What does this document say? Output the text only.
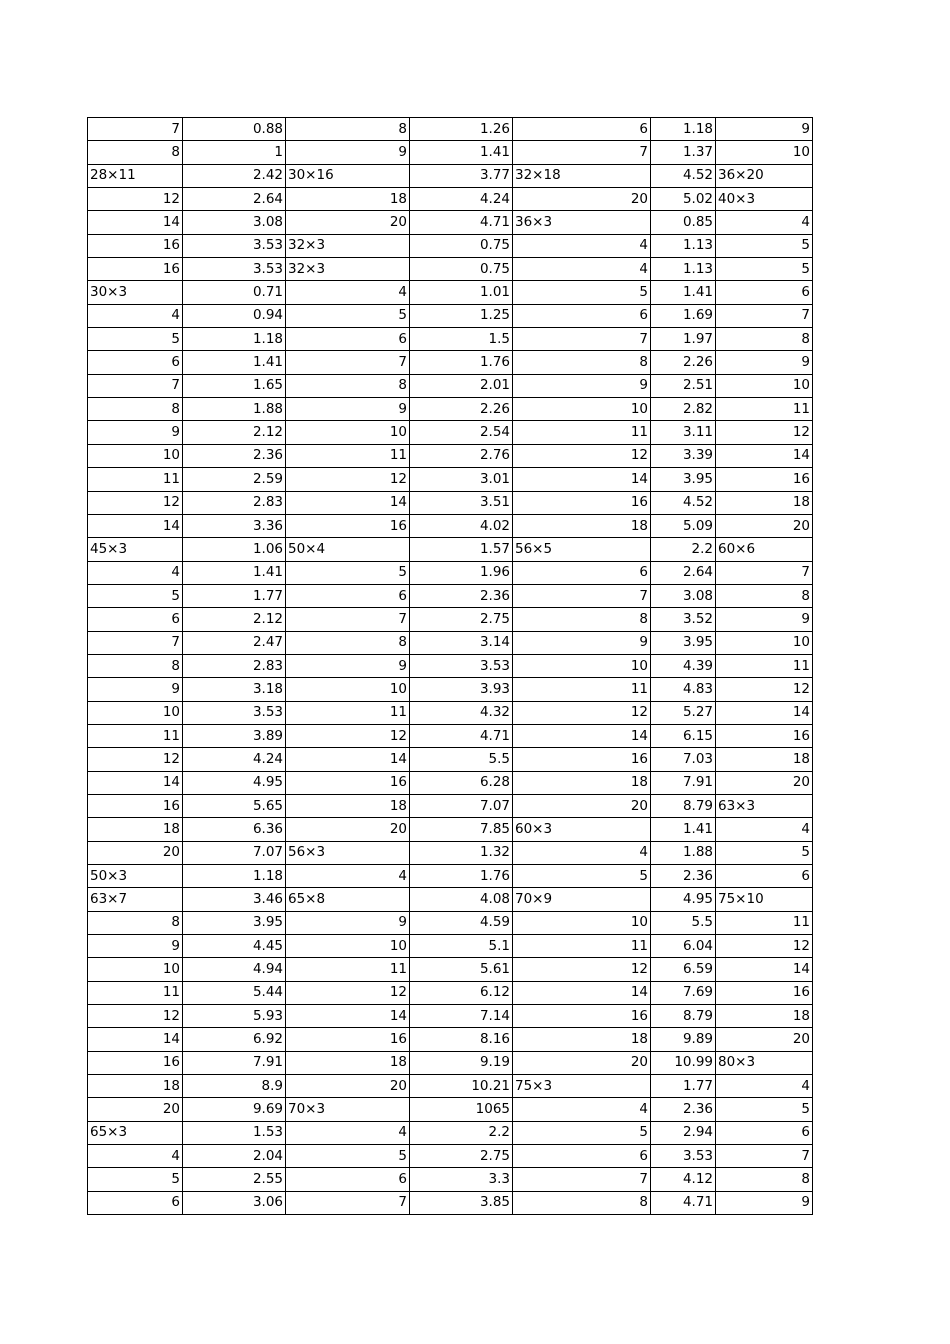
7	0.88	8	1.26	6	1.18	9
8	1	9	1.41	7	1.37	10
28×11	2.42	30×16	3.77	32×18	4.52	36×20
12	2.64	18	4.24	20	5.02	40×3
14	3.08	20	4.71	36×3	0.85	4
16	3.53	32×3	0.75	4	1.13	5
16	3.53	32×3	0.75	4	1.13	5
30×3	0.71	4	1.01	5	1.41	6
4	0.94	5	1.25	6	1.69	7
5	1.18	6	1.5	7	1.97	8
6	1.41	7	1.76	8	2.26	9
7	1.65	8	2.01	9	2.51	10
8	1.88	9	2.26	10	2.82	11
9	2.12	10	2.54	11	3.11	12
10	2.36	11	2.76	12	3.39	14
11	2.59	12	3.01	14	3.95	16
12	2.83	14	3.51	16	4.52	18
14	3.36	16	4.02	18	5.09	20
45×3	1.06	50×4	1.57	56×5	2.2	60×6
4	1.41	5	1.96	6	2.64	7
5	1.77	6	2.36	7	3.08	8
6	2.12	7	2.75	8	3.52	9
7	2.47	8	3.14	9	3.95	10
8	2.83	9	3.53	10	4.39	11
9	3.18	10	3.93	11	4.83	12
10	3.53	11	4.32	12	5.27	14
11	3.89	12	4.71	14	6.15	16
12	4.24	14	5.5	16	7.03	18
14	4.95	16	6.28	18	7.91	20
16	5.65	18	7.07	20	8.79	63×3
18	6.36	20	7.85	60×3	1.41	4
20	7.07	56×3	1.32	4	1.88	5
50×3	1.18	4	1.76	5	2.36	6
63×7	3.46	65×8	4.08	70×9	4.95	75×10
8	3.95	9	4.59	10	5.5	11
9	4.45	10	5.1	11	6.04	12
10	4.94	11	5.61	12	6.59	14
11	5.44	12	6.12	14	7.69	16
12	5.93	14	7.14	16	8.79	18
14	6.92	16	8.16	18	9.89	20
16	7.91	18	9.19	20	10.99	80×3
18	8.9	20	10.21	75×3	1.77	4
20	9.69	70×3	1065	4	2.36	5
65×3	1.53	4	2.2	5	2.94	6
4	2.04	5	2.75	6	3.53	7
5	2.55	6	3.3	7	4.12	8
6	3.06	7	3.85	8	4.71	9
